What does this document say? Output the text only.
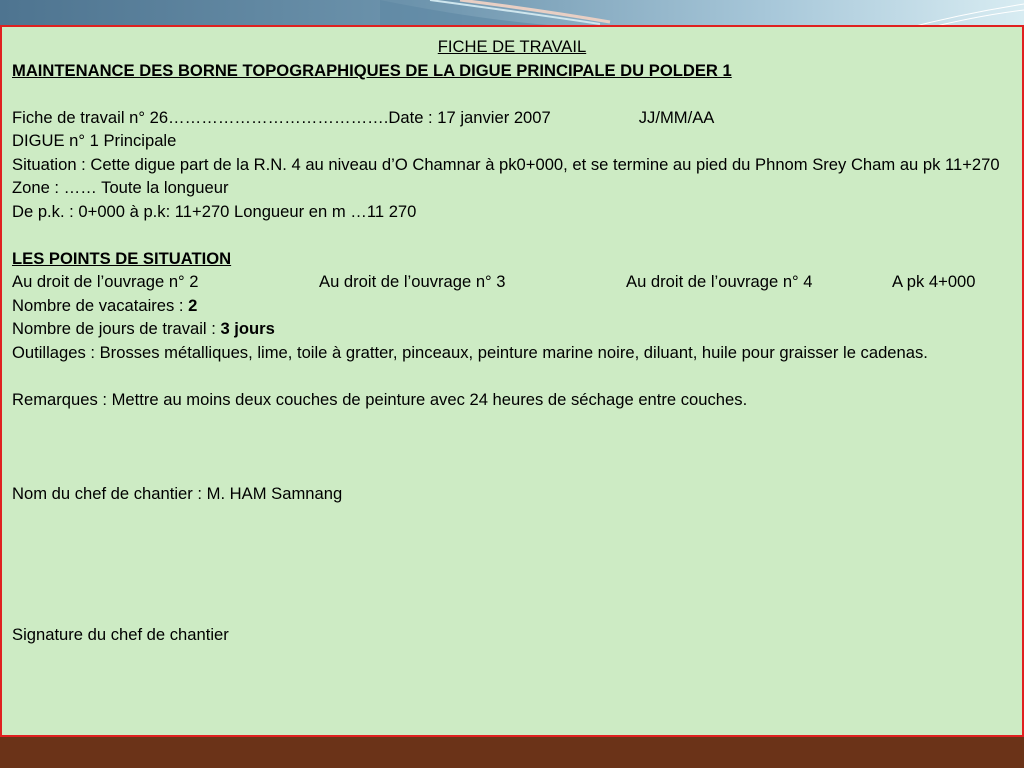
FICHE DE TRAVAIL
MAINTENANCE DES BORNE TOPOGRAPHIQUES DE LA DIGUE PRINCIPALE DU POLDER 1
Fiche de travail n° 26………………………………….Date : 17 janvier 2007	JJ/MM/AA
DIGUE n° 1 Principale
Situation : Cette digue part de la R.N. 4 au niveau d’O Chamnar à pk0+000, et se termine au pied du Phnom Srey Cham au pk 11+270
Zone : …… Toute la longueur
De p.k. : 0+000 à p.k: 11+270 Longueur en m …11 270
LES POINTS DE SITUATION
Au droit de l’ouvrage n° 2	Au droit de l’ouvrage n° 3	Au droit de l’ouvrage n° 4	A pk 4+000
Nombre de vacataires : 2
Nombre de jours de travail : 3 jours
Outillages : Brosses métalliques, lime, toile à gratter, pinceaux, peinture marine noire, diluant, huile pour graisser le cadenas.
Remarques : Mettre au moins deux couches de peinture avec 24 heures de séchage entre couches.
Nom du chef de chantier : M. HAM Samnang
Signature du chef de chantier
